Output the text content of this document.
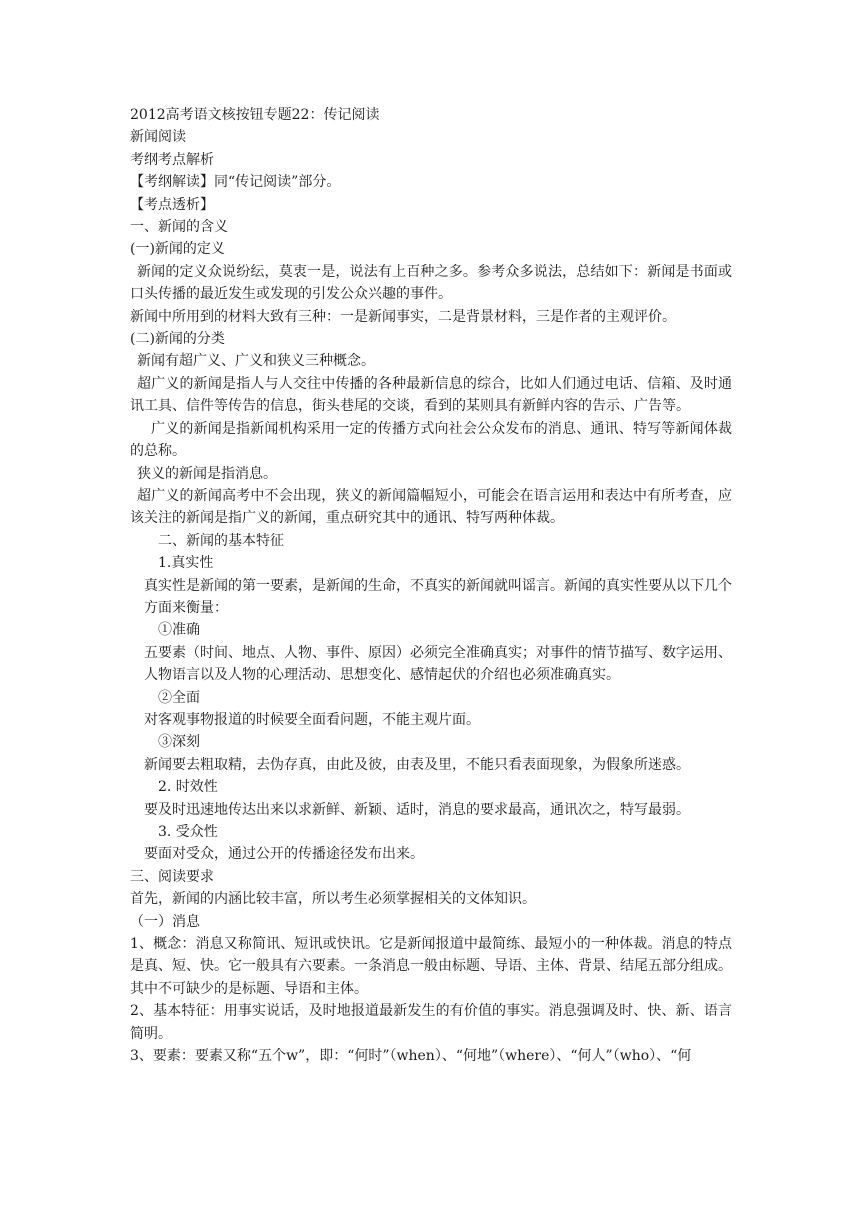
2012高考语文核按钮专题22：传记阅读

新闻阅读

考纲考点解析

【考纲解读】同“传记阅读”部分。

【考点透析】

一、新闻的含义

(一)新闻的定义

新闻的定义众说纷纭，莫衷一是，说法有上百种之多。参考众多说法，总结如下：新闻是书面或口头传播的最近发生或发现的引发公众兴趣的事件。

新闻中所用到的材料大致有三种：一是新闻事实，二是背景材料，三是作者的主观评价。

(二)新闻的分类

新闻有超广义、广义和狭义三种概念。

超广义的新闻是指人与人交往中传播的各种最新信息的综合，比如人们通过电话、信箱、及时通讯工具、信件等传告的信息，街头巷尾的交谈，看到的某则具有新鲜内容的告示、广告等。

广义的新闻是指新闻机构采用一定的传播方式向社会公众发布的消息、通讯、特写等新闻体裁的总称。

狭义的新闻是指消息。

超广义的新闻高考中不会出现，狭义的新闻篇幅短小，可能会在语言运用和表达中有所考查，应该关注的新闻是指广义的新闻，重点研究其中的通讯、特写两种体裁。

二、新闻的基本特征

1.真实性

真实性是新闻的第一要素，是新闻的生命，不真实的新闻就叫谣言。新闻的真实性要从以下几个方面来衡量：

①准确

五要素（时间、地点、人物、事件、原因）必须完全准确真实；对事件的情节描写、数字运用、人物语言以及人物的心理活动、思想变化、感情起伏的介绍也必须准确真实。

②全面

对客观事物报道的时候要全面看问题，不能主观片面。

③深刻

新闻要去粗取精，去伪存真，由此及彼，由表及里，不能只看表面现象，为假象所迷惑。

2. 时效性

要及时迅速地传达出来以求新鲜、新颖、适时，消息的要求最高，通讯次之，特写最弱。

3. 受众性

要面对受众，通过公开的传播途径发布出来。

三、阅读要求

首先，新闻的内涵比较丰富，所以考生必须掌握相关的文体知识。

（一）消息

1、概念：消息又称简讯、短讯或快讯。它是新闻报道中最简练、最短小的一种体裁。消息的特点是真、短、快。它一般具有六要素。一条消息一般由标题、导语、主体、背景、结尾五部分组成。其中不可缺少的是标题、导语和主体。

2、基本特征：用事实说话，及时地报道最新发生的有价值的事实。消息强调及时、快、新、语言简明。

3、要素：要素又称“五个w”，即：“何时”（when）、“何地”（where）、“何人”（who）、“何
